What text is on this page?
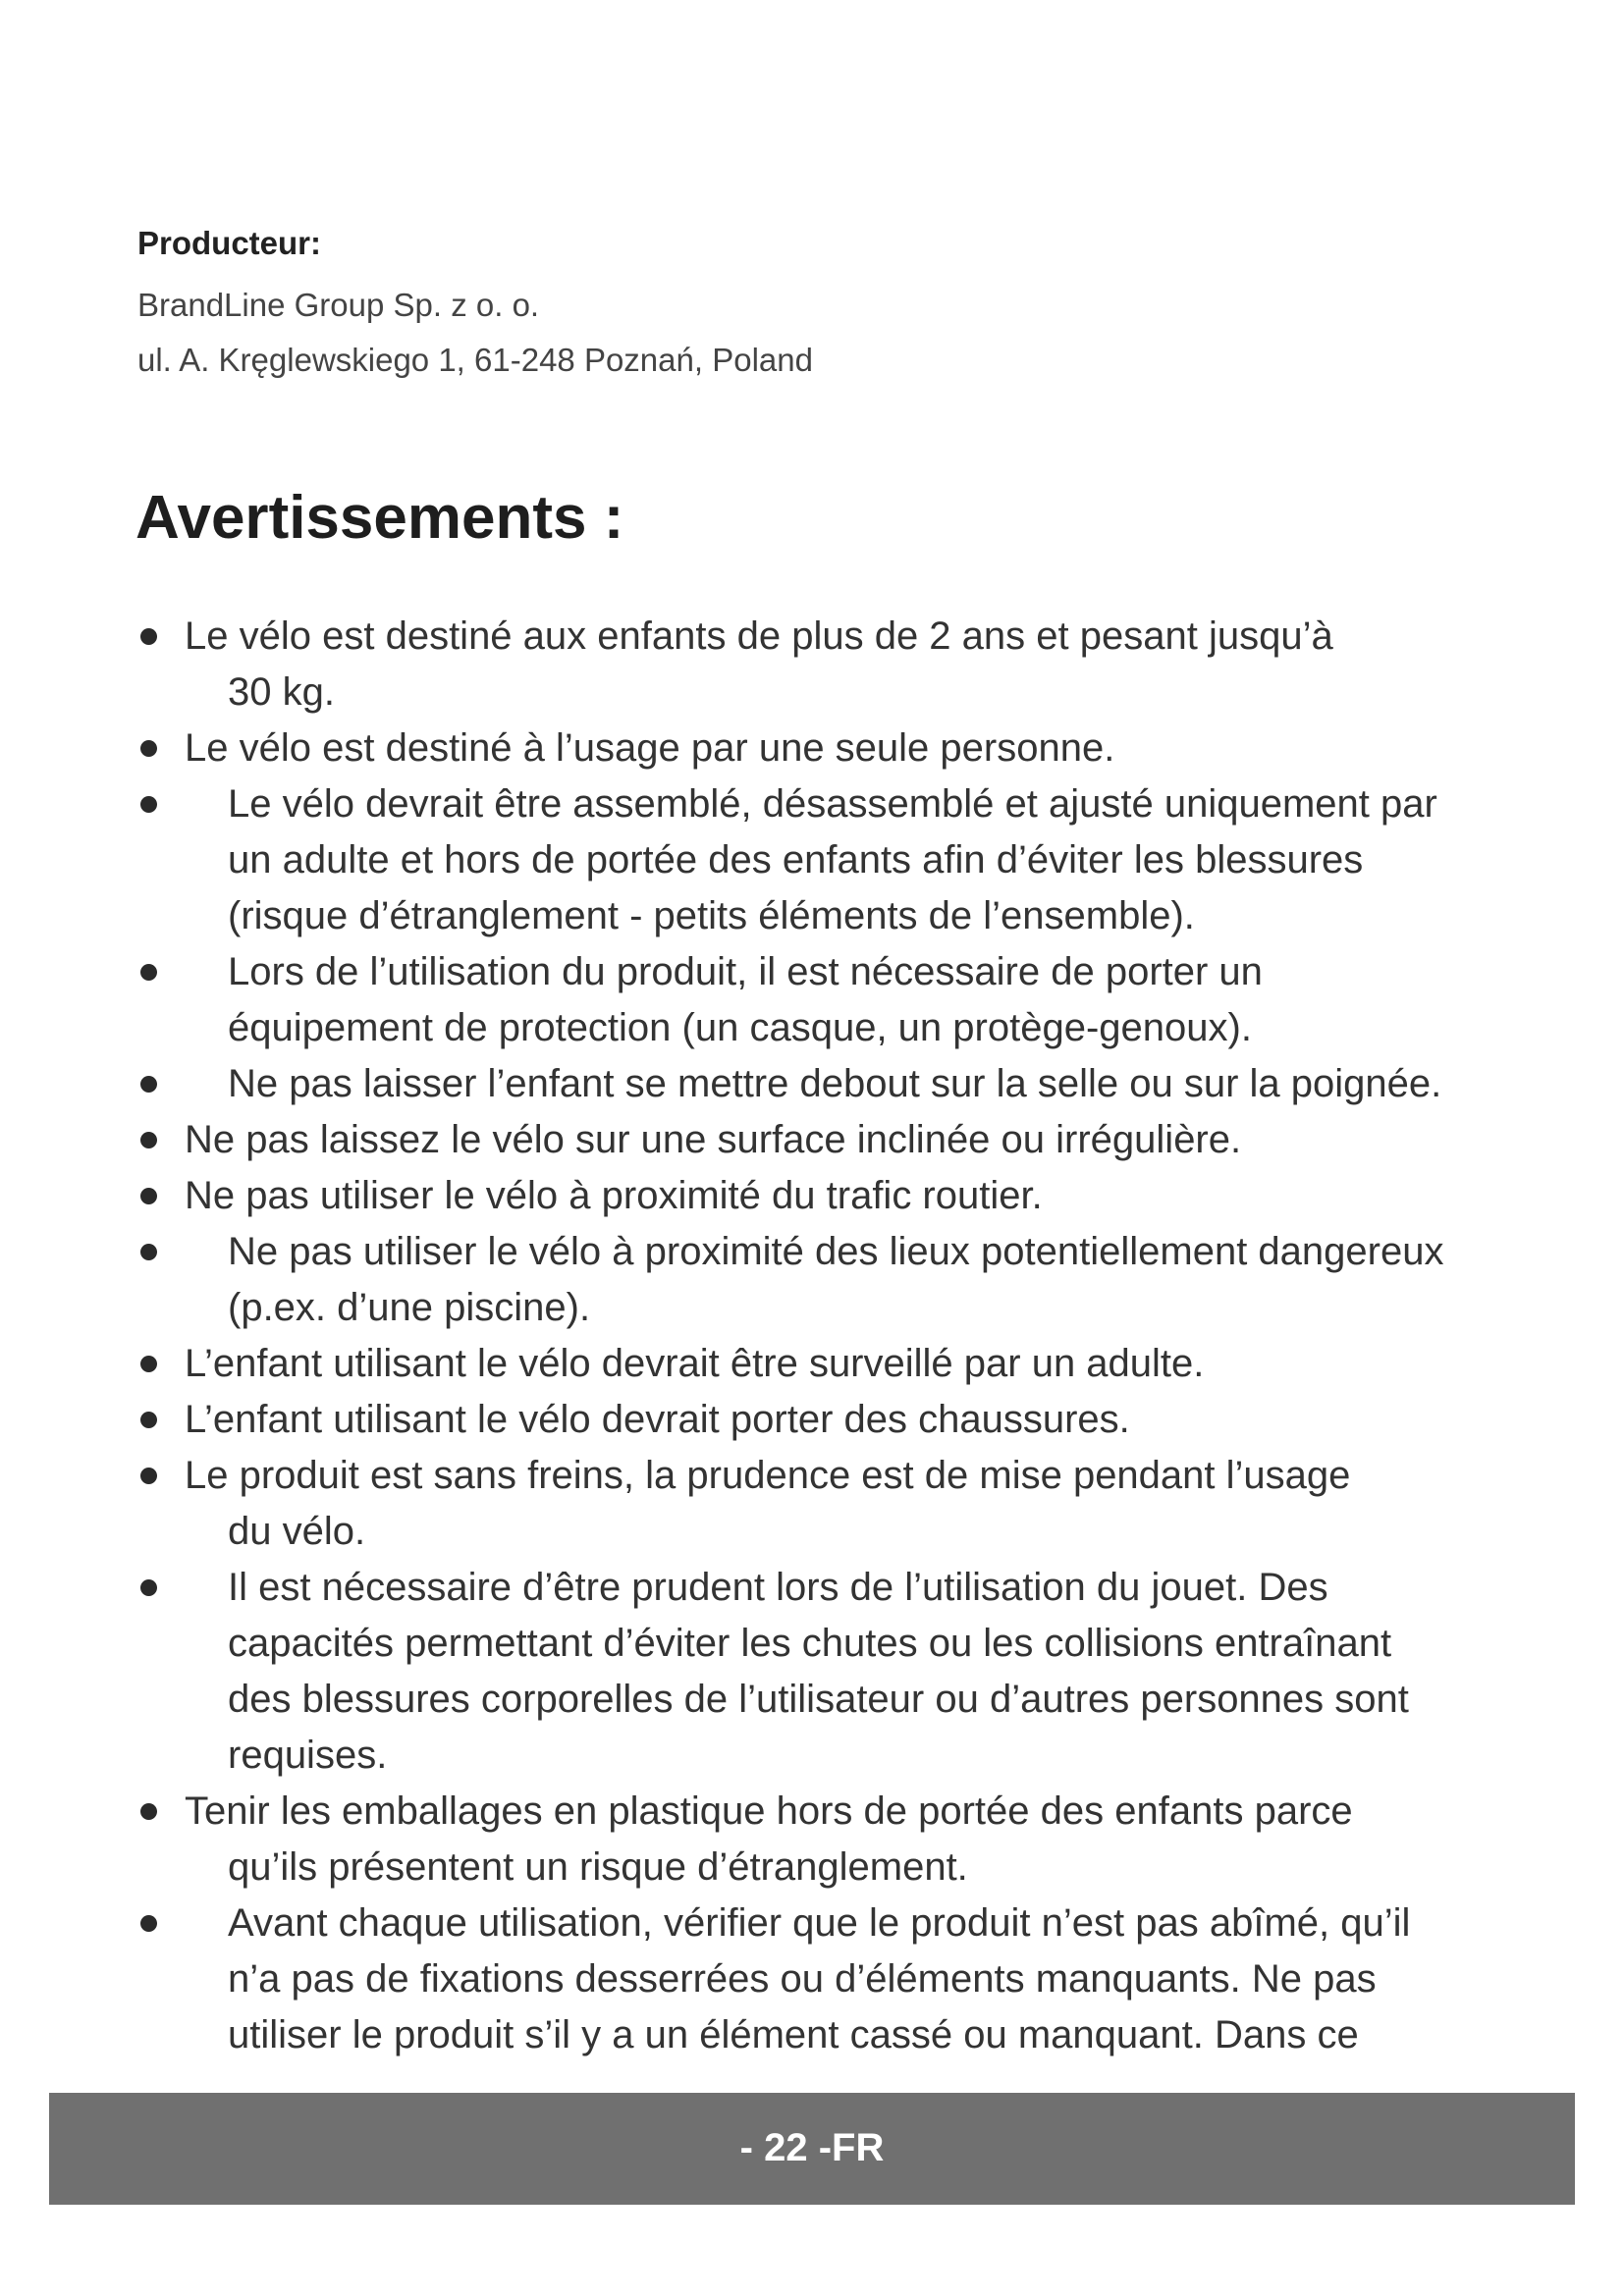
Producteur:

BrandLine Group Sp. z o. o.

ul. A. Kręglewskiego 1, 61-248 Poznań, Poland

Avertissements :
Le vélo est destiné aux enfants de plus de 2 ans et pesant jusqu’à
30 kg.
Le vélo est destiné à l’usage par une seule personne.
Le vélo devrait être assemblé, désassemblé et ajusté uniquement par
un adulte et hors de portée des enfants afin d’éviter les blessures
(risque d’étranglement - petits éléments de l’ensemble).
Lors de l’utilisation du produit, il est nécessaire de porter un
équipement de protection (un casque, un protège-genoux).
Ne pas laisser l’enfant se mettre debout sur la selle ou sur la poignée.
Ne pas laissez le vélo sur une surface inclinée ou irrégulière.
Ne pas utiliser le vélo à proximité du trafic routier.
Ne pas utiliser le vélo à proximité des lieux potentiellement dangereux
(p.ex. d’une piscine).
L’enfant utilisant le vélo devrait être surveillé par un adulte.
L’enfant utilisant le vélo devrait porter des chaussures.
Le produit est sans freins, la prudence est de mise pendant l’usage
du vélo.
Il est nécessaire d’être prudent lors de l’utilisation du jouet. Des
capacités permettant d’éviter les chutes ou les collisions entraînant
des blessures corporelles de l’utilisateur ou d’autres personnes sont
requises.
Tenir les emballages en plastique hors de portée des enfants parce
qu’ils présentent un risque d’étranglement.
Avant chaque utilisation, vérifier que le produit n’est pas abîmé, qu’il
n’a pas de fixations desserrées ou d’éléments manquants. Ne pas
utiliser le produit s’il y a un élément cassé ou manquant. Dans ce
- 22 -FR
